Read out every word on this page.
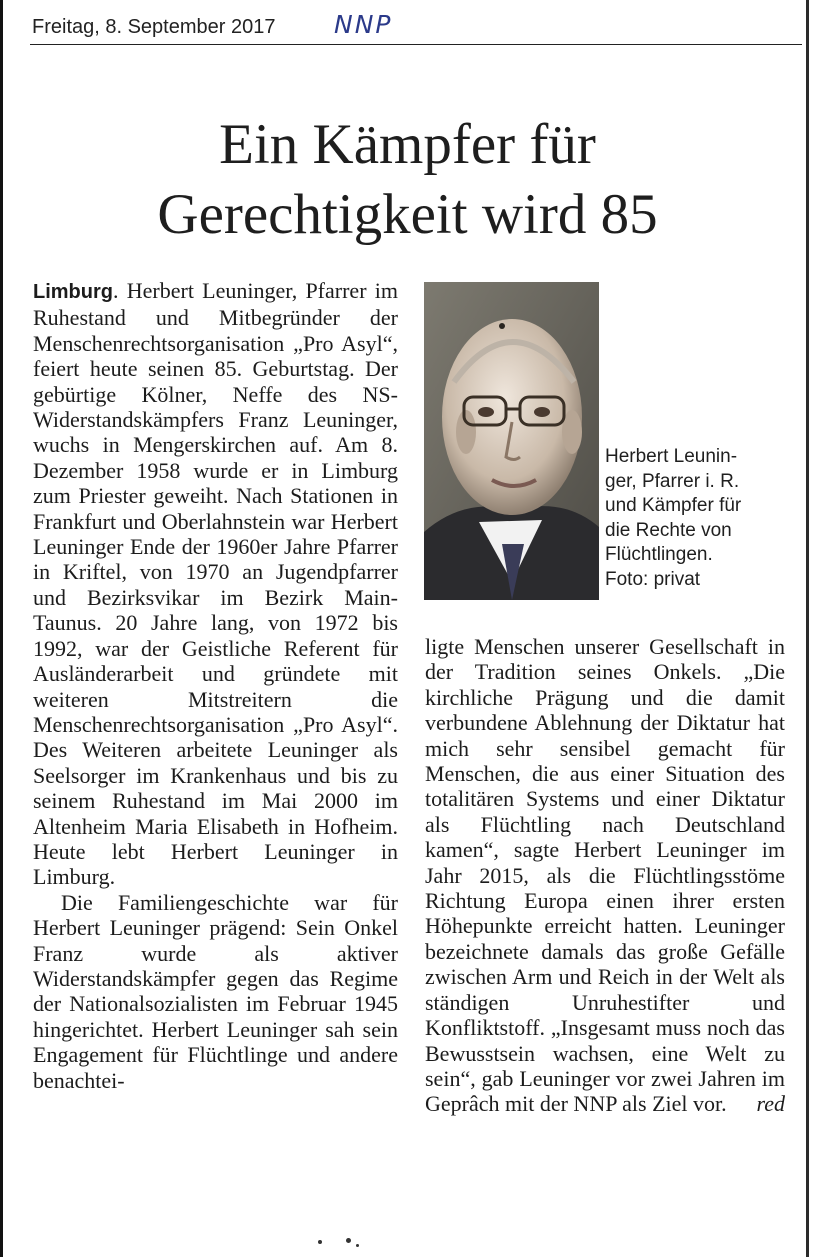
Freitag, 8. September 2017 NNP
Ein Kämpfer für
Gerechtigkeit wird 85

Limburg. Herbert Leuninger, Pfarrer im Ruhestand und Mitbegründer der Menschenrechtsorganisation „Pro Asyl“, feiert heute seinen 85. Geburtstag. Der gebürtige Kölner, Neffe des NS-Widerstandskämpfers Franz Leuninger, wuchs in Mengerskirchen auf. Am 8. Dezember 1958 wurde er in Limburg zum Priester geweiht. Nach Stationen in Frankfurt und Oberlahnstein war Herbert Leuninger Ende der 1960er Jahre Pfarrer in Kriftel, von 1970 an Jugendpfarrer und Bezirksvikar im Bezirk Main-Taunus. 20 Jahre lang, von 1972 bis 1992, war der Geistliche Referent für Ausländerarbeit und gründete mit weiteren Mitstreitern die Menschenrechtsorganisation „Pro Asyl“. Des Weiteren arbeitete Leuninger als Seelsorger im Krankenhaus und bis zu seinem Ruhestand im Mai 2000 im Altenheim Maria Elisabeth in Hofheim. Heute lebt Herbert Leuninger in Limburg.

Die Familiengeschichte war für Herbert Leuninger prägend: Sein Onkel Franz wurde als aktiver Widerstandskämpfer gegen das Regime der Nationalsozialisten im Februar 1945 hingerichtet. Herbert Leuninger sah sein Engagement für Flüchtlinge und andere benachtei-

Herbert Leunin-
ger, Pfarrer i. R.
und Kämpfer für
die Rechte von
Flüchtlingen.
Foto: privat

ligte Menschen unserer Gesellschaft in der Tradition seines Onkels. „Die kirchliche Prägung und die damit verbundene Ablehnung der Diktatur hat mich sehr sensibel gemacht für Menschen, die aus einer Situation des totalitären Systems und einer Diktatur als Flüchtling nach Deutschland kamen“, sagte Herbert Leuninger im Jahr 2015, als die Flüchtlingsstöme Richtung Europa einen ihrer ersten Höhepunkte erreicht hatten. Leuninger bezeichnete damals das große Gefälle zwischen Arm und Reich in der Welt als ständigen Unruhestifter und Konfliktstoff. „Insgesamt muss noch das Bewusstsein wachsen, eine Welt zu sein“, gab Leuninger vor zwei Jahren im Geprâch mit der NNP als Ziel vor. red
